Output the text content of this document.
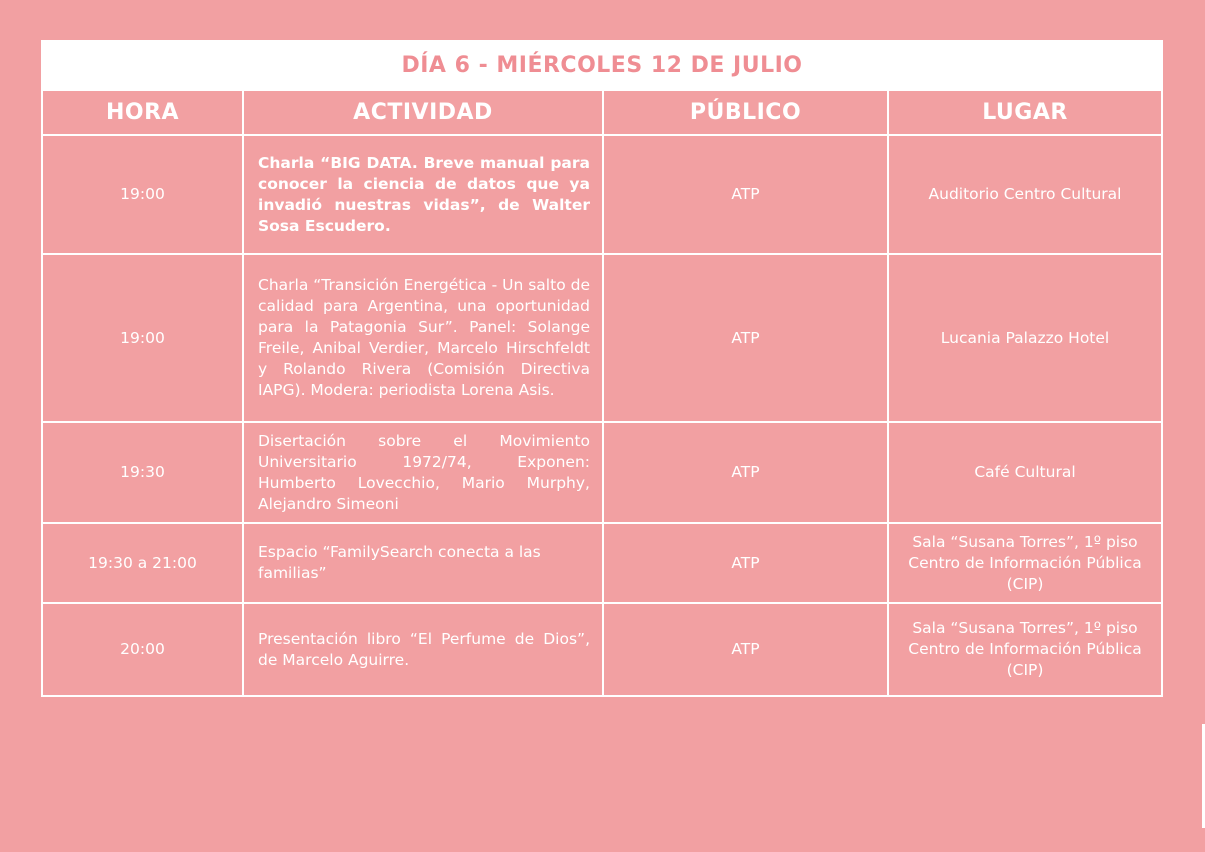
DÍA 6 - MIÉRCOLES 12 DE JULIO
HORA	ACTIVIDAD	PÚBLICO	LUGAR
19:00	Charla “BIG DATA. Breve manual para conocer la ciencia de datos que ya invadió nuestras vidas”, de Walter Sosa Escudero.	ATP	Auditorio Centro Cultural
19:00	Charla “Transición Energética - Un salto de calidad para Argentina, una oportunidad para la Patagonia Sur”. Panel: Solange Freile, Anibal Verdier, Marcelo Hirschfeldt y Rolando Rivera (Comisión Directiva IAPG). Modera: periodista Lorena Asis.	ATP	Lucania Palazzo Hotel
19:30	Disertación sobre el Movimiento Universitario 1972/74, Exponen: Humberto Lovecchio, Mario Murphy, Alejandro Simeoni	ATP	Café Cultural
19:30 a 21:00	Espacio “FamilySearch conecta a las familias”	ATP	Sala “Susana Torres”, 1º piso Centro de Información Pública (CIP)
20:00	Presentación libro “El Perfume de Dios”, de Marcelo Aguirre.	ATP	Sala “Susana Torres”, 1º piso Centro de Información Pública (CIP)
